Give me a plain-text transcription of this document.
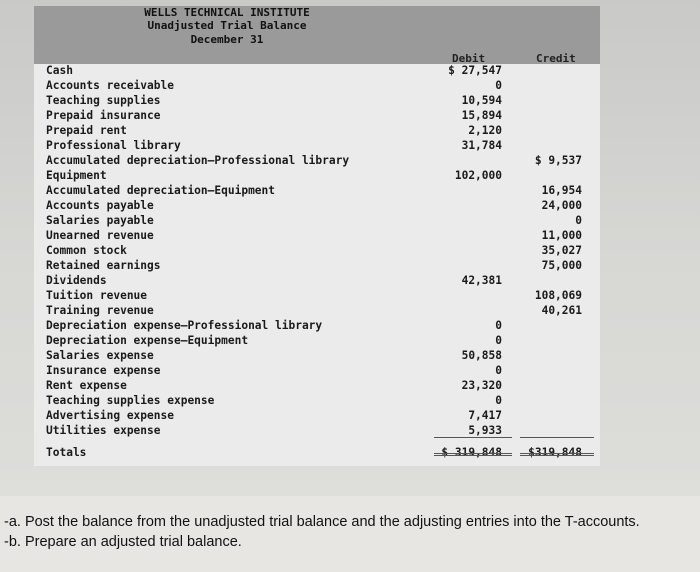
WELLS TECHNICAL INSTITUTE
Unadjusted Trial Balance
December 31
Debit	Credit
Cash
Accounts receivable
Teaching supplies
Prepaid insurance
Prepaid rent
Professional library
Accumulated depreciation—Professional library
Equipment
Accumulated depreciation—Equipment
Accounts payable
Salaries payable
Unearned revenue
Common stock
Retained earnings
Dividends
Tuition revenue
Training revenue
Depreciation expense—Professional library
Depreciation expense—Equipment
Salaries expense
Insurance expense
Rent expense
Teaching supplies expense
Advertising expense
Utilities expense
Totals
$ 27,547
0
10,594
15,894
2,120
31,784
102,000
42,381
0
0
50,858
0
23,320
0
7,417
5,933
$ 9,537
16,954
24,000
0
11,000
35,027
75,000
108,069
40,261
-a. Post the balance from the unadjusted trial balance and the adjusting entries into the T-accounts.
-b. Prepare an adjusted trial balance.
